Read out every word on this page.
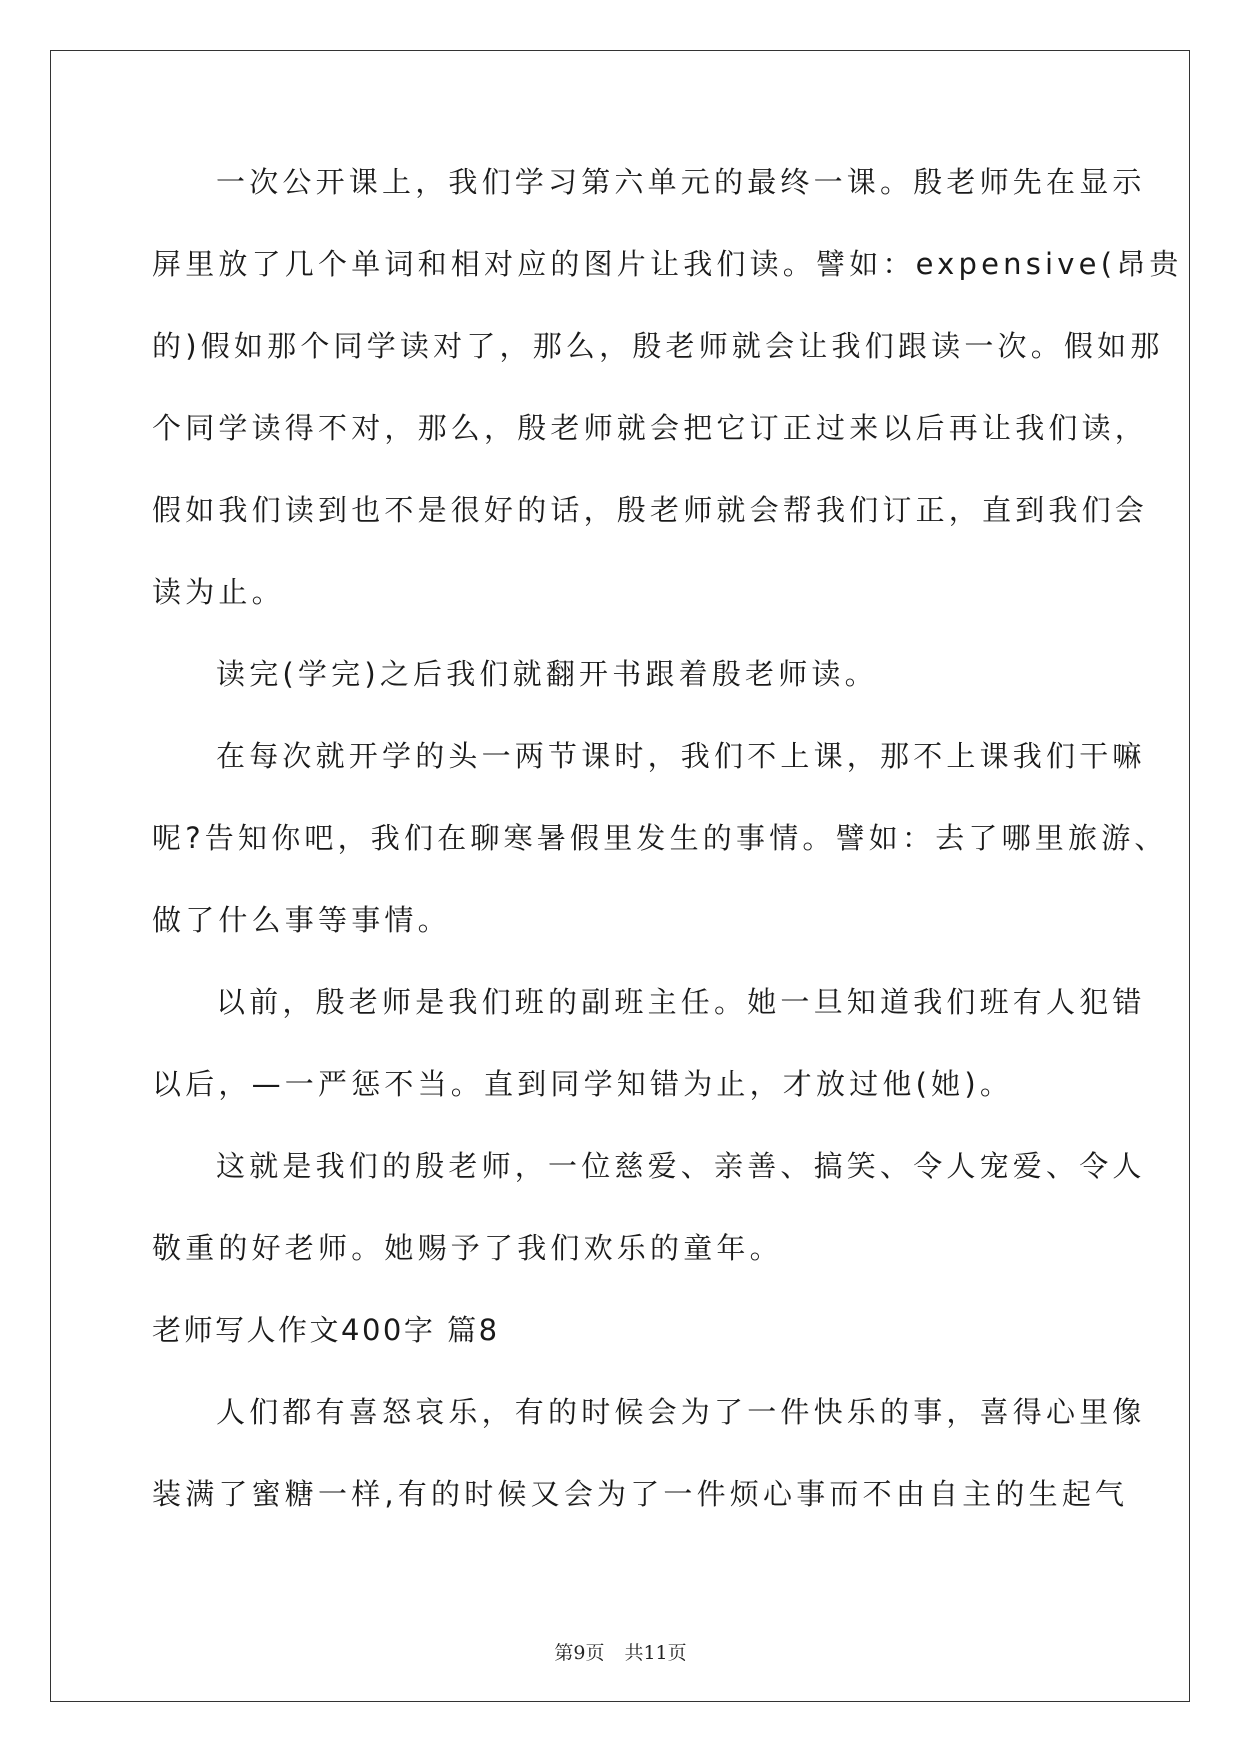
一次公开课上，我们学习第六单元的最终一课。殷老师先在显示
屏里放了几个单词和相对应的图片让我们读。譬如：expensive(昂贵
的)假如那个同学读对了，那么，殷老师就会让我们跟读一次。假如那
个同学读得不对，那么，殷老师就会把它订正过来以后再让我们读，
假如我们读到也不是很好的话，殷老师就会帮我们订正，直到我们会
读为止。
读完(学完)之后我们就翻开书跟着殷老师读。
在每次就开学的头一两节课时，我们不上课，那不上课我们干嘛
呢?告知你吧，我们在聊寒暑假里发生的事情。譬如：去了哪里旅游、
做了什么事等事情。
以前，殷老师是我们班的副班主任。她一旦知道我们班有人犯错
以后，—一严惩不当。直到同学知错为止，才放过他(她)。
这就是我们的殷老师，一位慈爱、亲善、搞笑、令人宠爱、令人
敬重的好老师。她赐予了我们欢乐的童年。
老师写人作文400字 篇8
人们都有喜怒哀乐，有的时候会为了一件快乐的事，喜得心里像
装满了蜜糖一样,有的时候又会为了一件烦心事而不由自主的生起气
第9页 共11页
